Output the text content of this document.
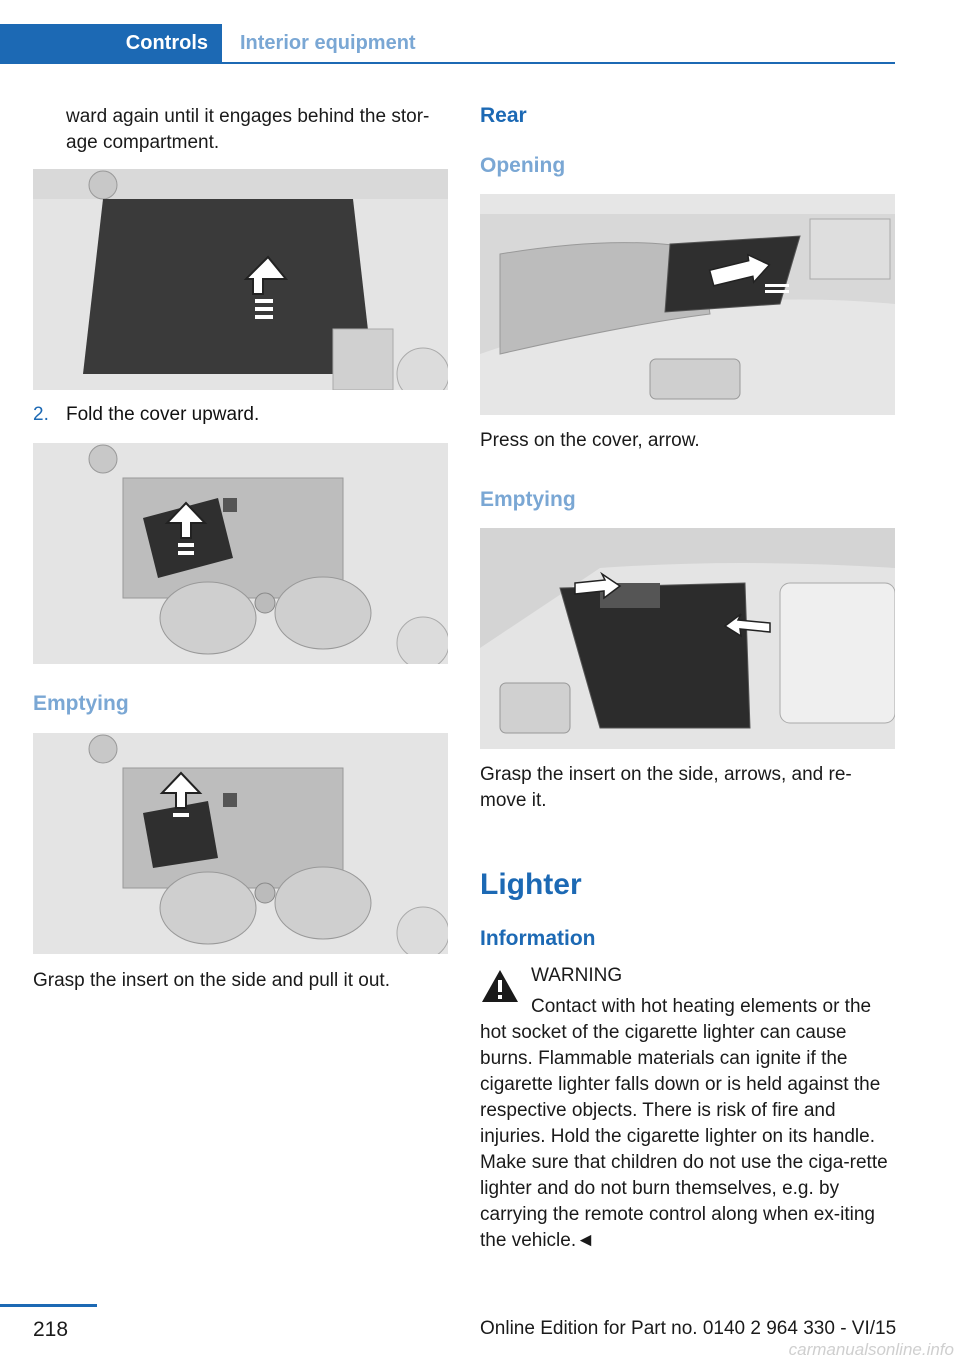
Controls	Interior equipment
ward again until it engages behind the stor-age compartment.
2. Fold the cover upward.
Emptying
Grasp the insert on the side and pull it out.
Rear
Opening
Press on the cover, arrow.
Emptying
Grasp the insert on the side, arrows, and re-move it.
Lighter
Information
WARNING
Contact with hot heating elements or the
hot socket of the cigarette lighter can cause burns. Flammable materials can ignite if the cigarette lighter falls down or is held against the respective objects. There is risk of fire and injuries. Hold the cigarette lighter on its handle. Make sure that children do not use the ciga-rette lighter and do not burn themselves, e.g. by carrying the remote control along when ex-iting the vehicle.◄
218	Online Edition for Part no. 0140 2 964 330 - VI/15
carmanualsonline.info
